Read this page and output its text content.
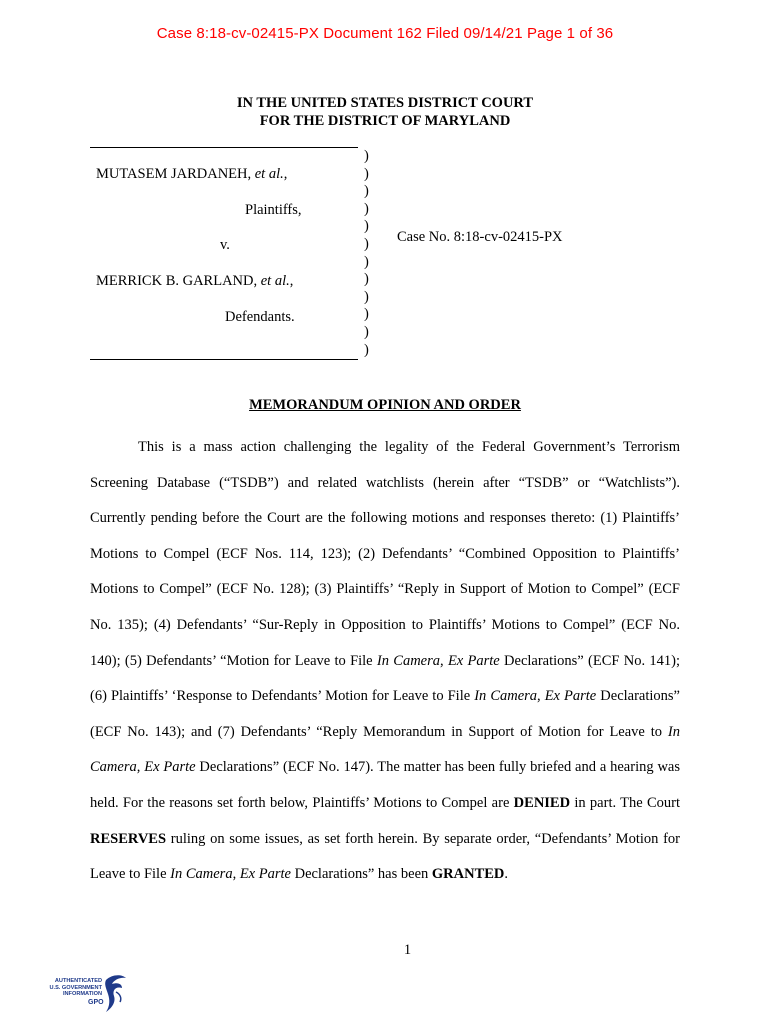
Case 8:18-cv-02415-PX Document 162 Filed 09/14/21 Page 1 of 36
IN THE UNITED STATES DISTRICT COURT
FOR THE DISTRICT OF MARYLAND
MUTASEM JARDANEH, et al.,
Plaintiffs,
v.
MERRICK B. GARLAND, et al.,
Defendants.
)
)
)
)
)
)
)
)
)
)
)
)
Case No. 8:18-cv-02415-PX
MEMORANDUM OPINION AND ORDER

This is a mass action challenging the legality of the Federal Government’s Terrorism Screening Database (“TSDB”) and related watchlists (herein after “TSDB” or “Watchlists”). Currently pending before the Court are the following motions and responses thereto: (1) Plaintiffs’ Motions to Compel (ECF Nos. 114, 123); (2) Defendants’ “Combined Opposition to Plaintiffs’ Motions to Compel” (ECF No. 128); (3) Plaintiffs’ “Reply in Support of Motion to Compel” (ECF No. 135); (4) Defendants’ “Sur-Reply in Opposition to Plaintiffs’ Motions to Compel” (ECF No. 140); (5) Defendants’ “Motion for Leave to File In Camera, Ex Parte Declarations” (ECF No. 141); (6) Plaintiffs’ ‘Response to Defendants’ Motion for Leave to File In Camera, Ex Parte Declarations” (ECF No. 143); and (7) Defendants’ “Reply Memorandum in Support of Motion for Leave to In Camera, Ex Parte Declarations” (ECF No. 147). The matter has been fully briefed and a hearing was held. For the reasons set forth below, Plaintiffs’ Motions to Compel are DENIED in part. The Court RESERVES ruling on some issues, as set forth herein. By separate order, “Defendants’ Motion for Leave to File In Camera, Ex Parte Declarations” has been GRANTED.

1
AUTHENTICATED
U.S. GOVERNMENT
INFORMATION
GPO
